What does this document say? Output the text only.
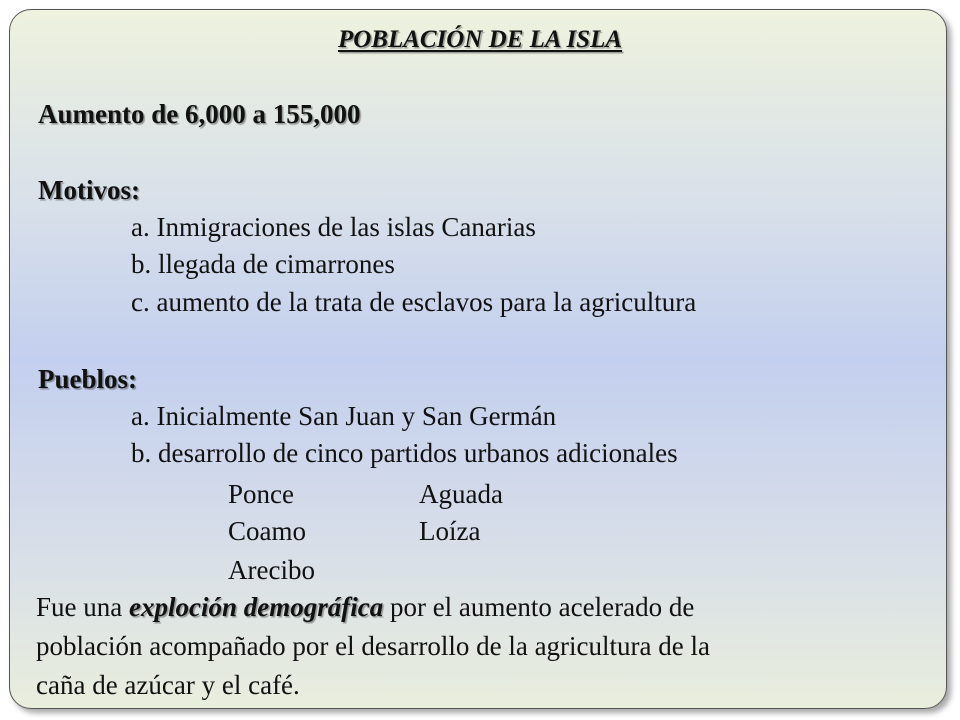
POBLACIÓN DE LA ISLA
Aumento de 6,000 a 155,000
Motivos:
a. Inmigraciones de las islas Canarias
b. llegada de cimarrones
c. aumento de la trata de esclavos para la agricultura
Pueblos:
a. Inicialmente San Juan y San Germán
b. desarrollo de cinco partidos urbanos adicionales
Ponce	Aguada
Coamo	Loíza
Arecibo
Fue una exploción demográfica por el aumento acelerado de
población acompañado por el desarrollo de la agricultura de la
caña de azúcar y el café.
